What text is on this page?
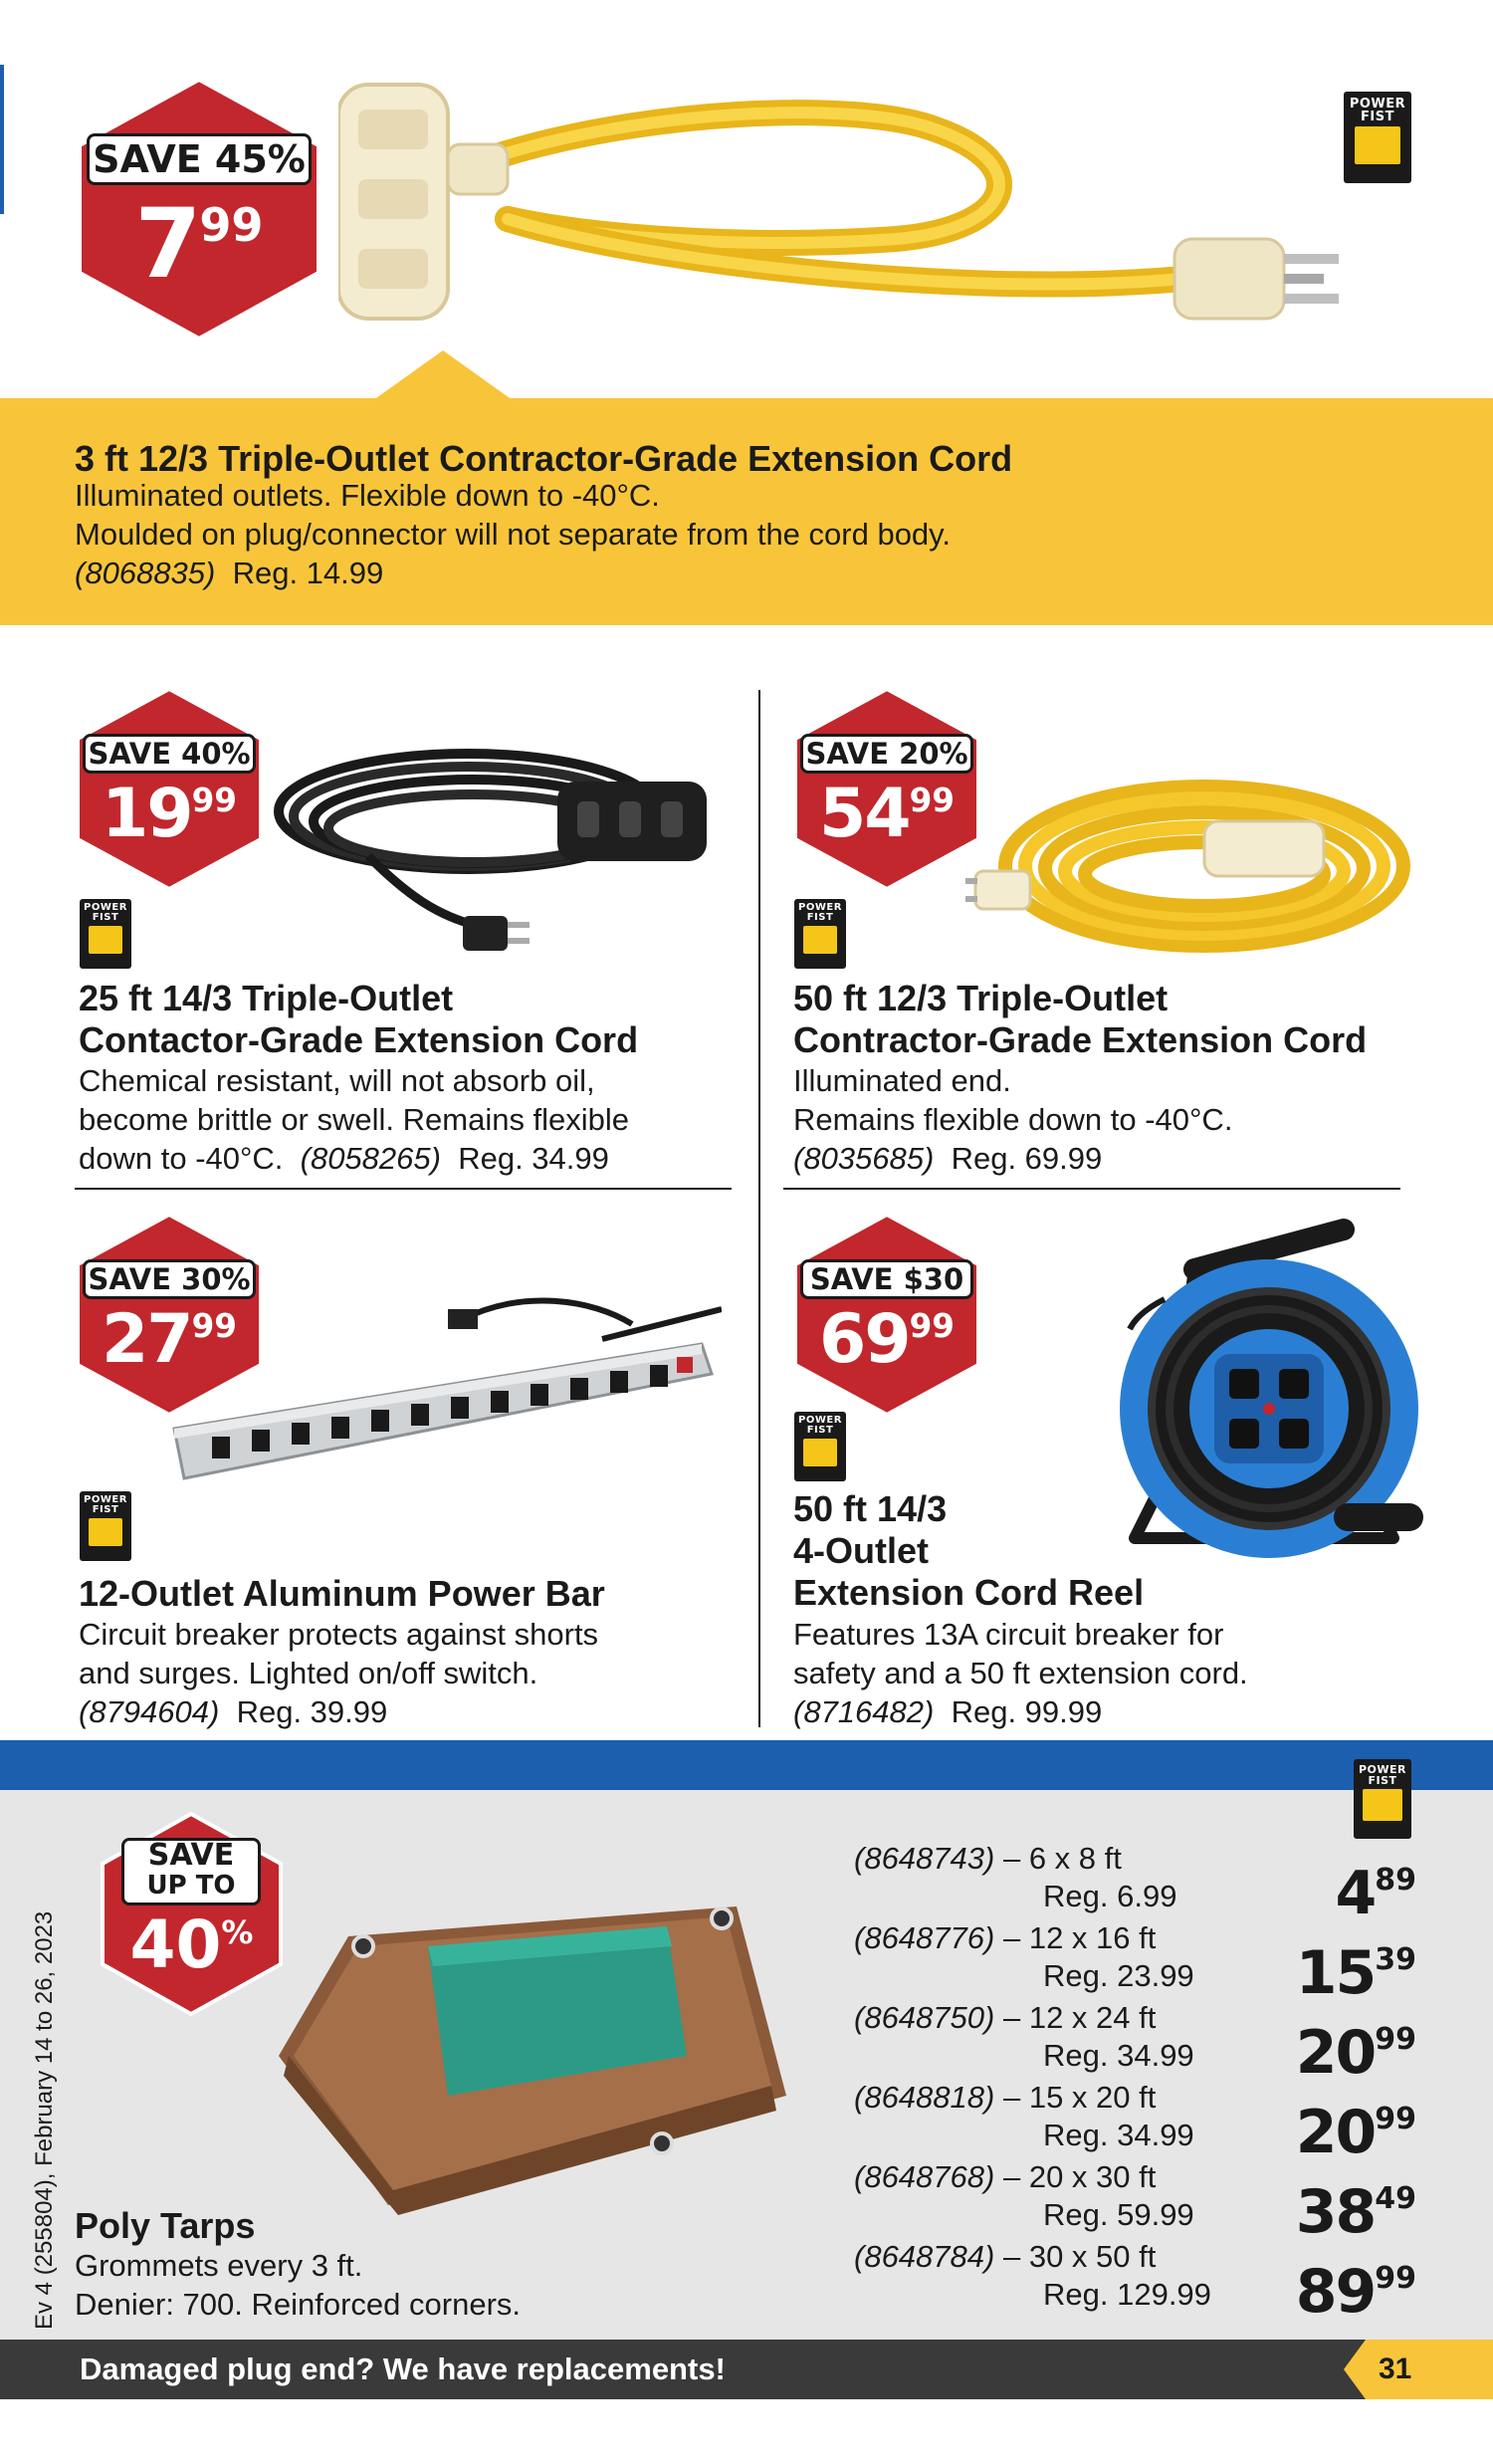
SAVE 45%
$7^{99}$
POWER
FIST
3 ft 12/3 Triple-Outlet Contractor-Grade Extension Cord
Illuminated outlets. Flexible down to -40°C.
Moulded on plug/connector will not separate from the cord body.
(8068835) Reg. 14.99
SAVE 40%
$19^{99}$
POWER
FIST
25 ft 14/3 Triple-Outlet
Contactor-Grade Extension Cord
Chemical resistant, will not absorb oil,
become brittle or swell. Remains flexible
down to -40°C. (8058265) Reg. 34.99
SAVE 20%
$54^{99}$
POWER
FIST
50 ft 12/3 Triple-Outlet
Contractor-Grade Extension Cord
Illuminated end.
Remains flexible down to -40°C.
(8035685) Reg. 69.99
SAVE 30%
$27^{99}$
POWER
FIST
12-Outlet Aluminum Power Bar
Circuit breaker protects against shorts
and surges. Lighted on/off switch.
(8794604) Reg. 39.99
SAVE $30
$69^{99}$
POWER
FIST
50 ft 14/3
4-Outlet
Extension Cord Reel
Features 13A circuit breaker for
safety and a 50 ft extension cord.
(8716482) Reg. 99.99
SAVE
UP TO
40%
Poly Tarps
Grommets every 3 ft.
Denier: 700. Reinforced corners.
POWER
FIST
(8648743) – 6 x 8 ft
Reg. 6.99	$4^{89}$
(8648776) – 12 x 16 ft
Reg. 23.99 $15^{39}$
(8648750) – 12 x 24 ft
Reg. 34.99 $20^{99}$
(8648818) – 15 x 20 ft
Reg. 34.99 $20^{99}$
(8648768) – 20 x 30 ft
Reg. 59.99 $38^{49}$
(8648784) – 30 x 50 ft
Reg. 129.99 $89^{99}$
Ev 4 (255804), February 14 to 26, 2023
Damaged plug end? We have replacements!	31
